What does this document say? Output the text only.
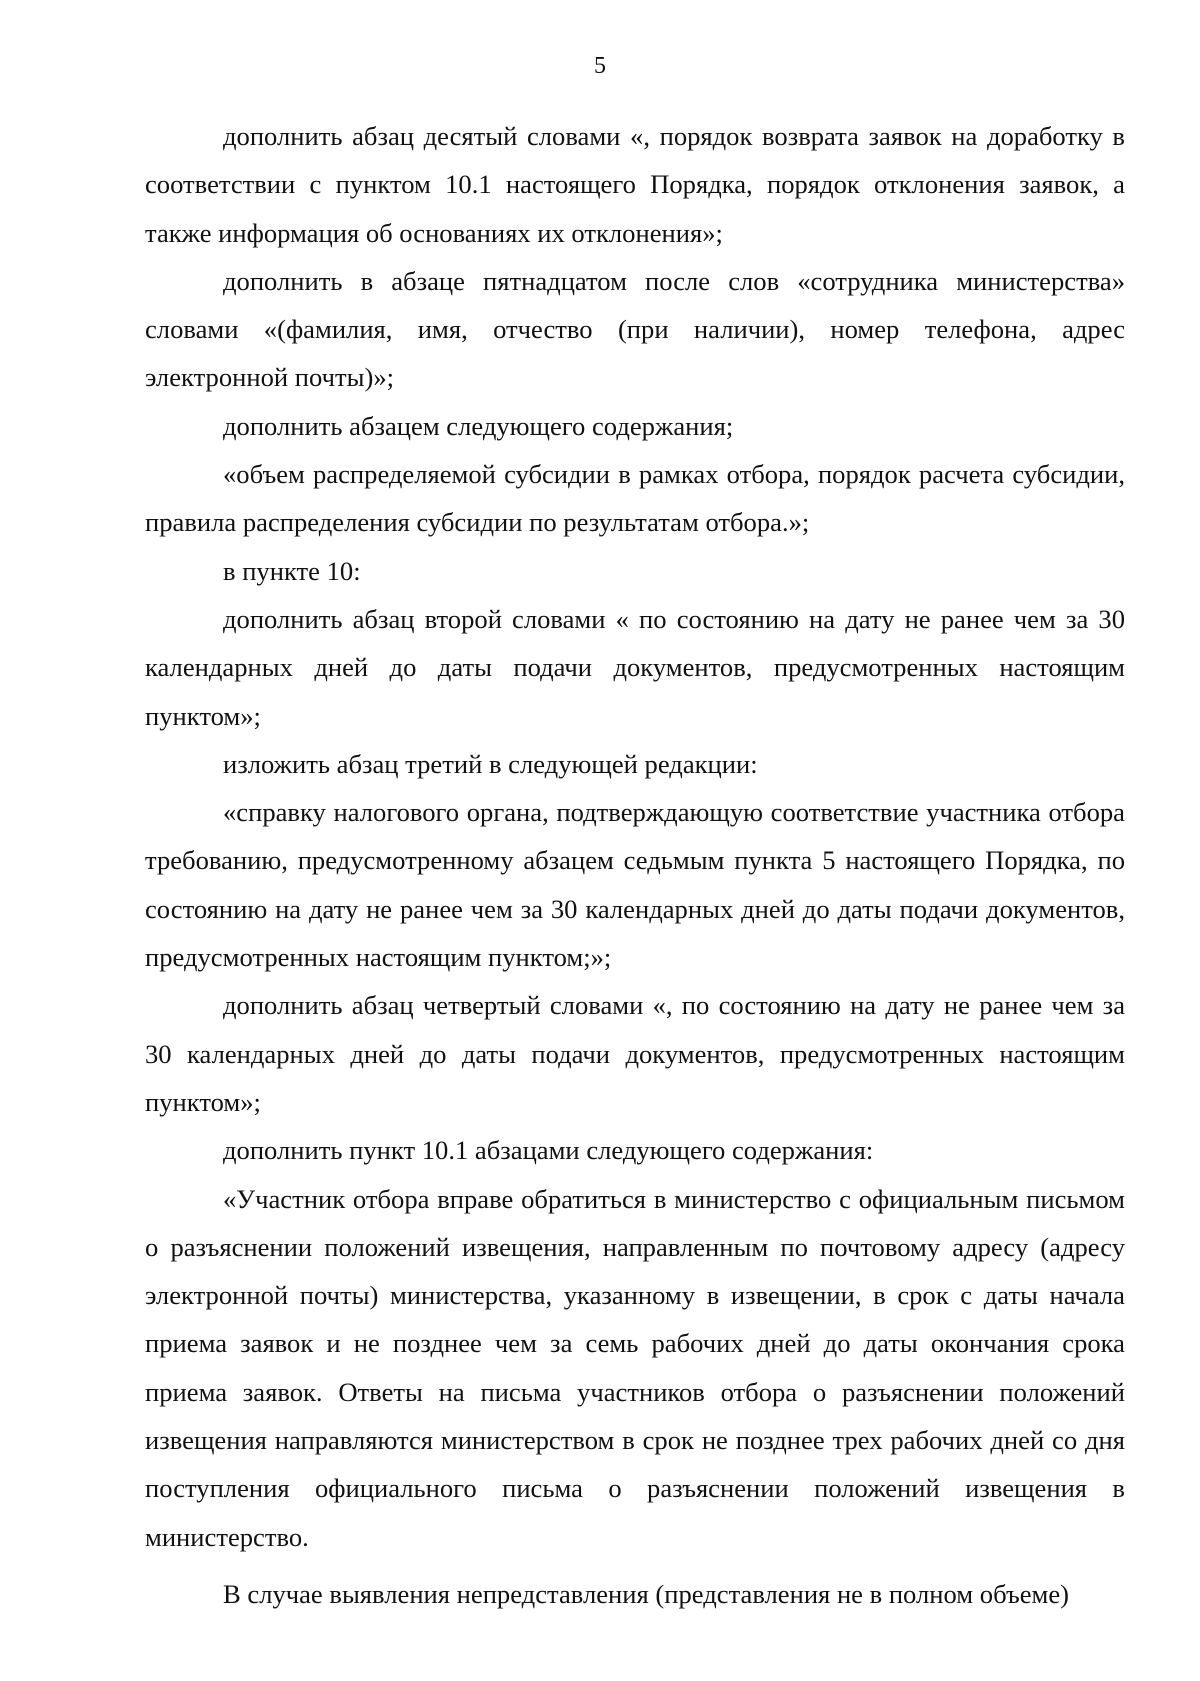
5

дополнить абзац десятый словами «, порядок возврата заявок на доработку в соответствии с пунктом 10.1 настоящего Порядка, порядок отклонения заявок, а также информация об основаниях их отклонения»;

дополнить в абзаце пятнадцатом после слов «сотрудника министерства» словами «(фамилия, имя, отчество (при наличии), номер телефона, адрес электронной почты)»;

дополнить абзацем следующего содержания;

«объем распределяемой субсидии в рамках отбора, порядок расчета субсидии, правила распределения субсидии по результатам отбора.»;

в пункте 10:

дополнить абзац второй словами « по состоянию на дату не ранее чем за 30 календарных дней до даты подачи документов, предусмотренных настоящим пунктом»;

изложить абзац третий в следующей редакции:

«справку налогового органа, подтверждающую соответствие участника отбора требованию, предусмотренному абзацем седьмым пункта 5 настоящего Порядка, по состоянию на дату не ранее чем за 30 календарных дней до даты подачи документов, предусмотренных настоящим пунктом;»;

дополнить абзац четвертый словами «, по состоянию на дату не ранее чем за 30 календарных дней до даты подачи документов, предусмотренных настоящим пунктом»;

дополнить пункт 10.1 абзацами следующего содержания:

«Участник отбора вправе обратиться в министерство с официальным письмом о разъяснении положений извещения, направленным по почтовому адресу (адресу электронной почты) министерства, указанному в извещении, в срок с даты начала приема заявок и не позднее чем за семь рабочих дней до даты окончания срока приема заявок. Ответы на письма участников отбора о разъяснении положений извещения направляются министерством в срок не позднее трех рабочих дней со дня поступления официального письма о разъяснении положений извещения в министерство.

В случае выявления непредставления (представления не в полном объеме)
